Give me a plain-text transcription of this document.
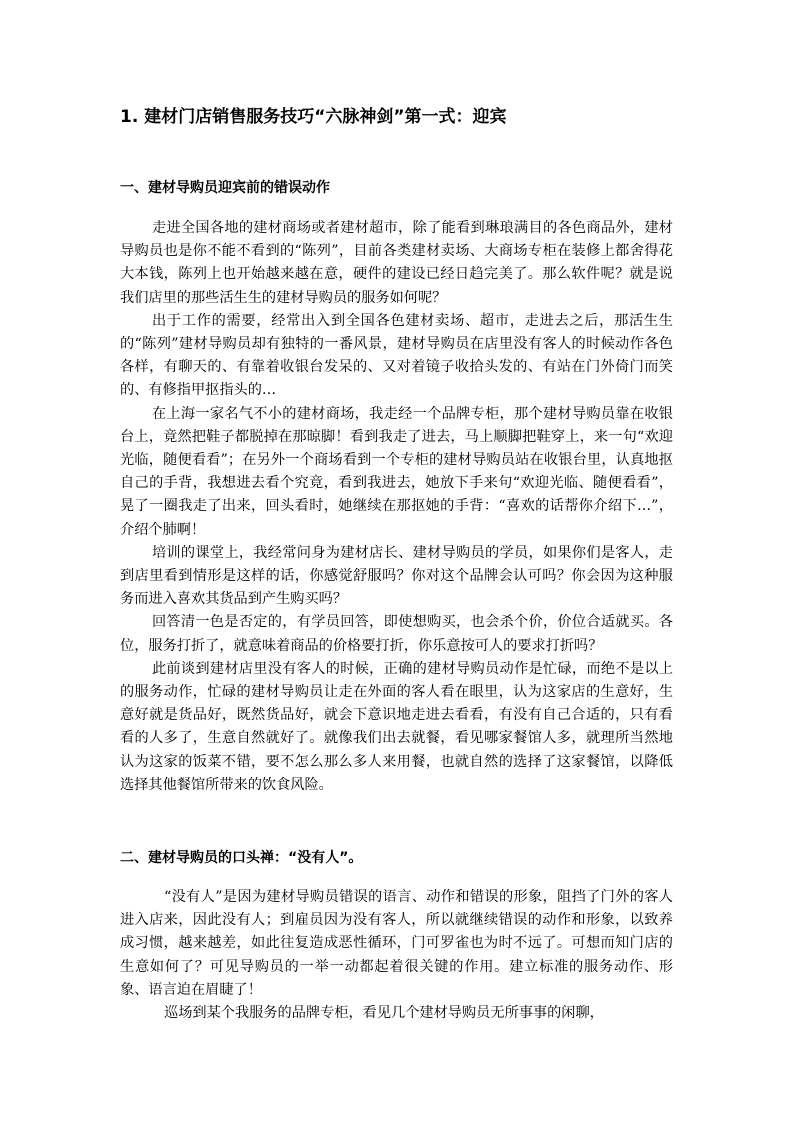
1. 建材门店销售服务技巧“六脉神剑”第一式：迎宾
一、建材导购员迎宾前的错误动作

走进全国各地的建材商场或者建材超市，除了能看到琳琅满目的各色商品外，建材导购员也是你不能不看到的“陈列”，目前各类建材卖场、大商场专柜在装修上都舍得花大本钱，陈列上也开始越来越在意，硬件的建设已经日趋完美了。那么软件呢？就是说我们店里的那些活生生的建材导购员的服务如何呢？

出于工作的需要，经常出入到全国各色建材卖场、超市，走进去之后，那活生生的“陈列”建材导购员却有独特的一番风景，建材导购员在店里没有客人的时候动作各色各样，有聊天的、有靠着收银台发呆的、又对着镜子收拾头发的、有站在门外倚门而笑的、有修指甲抠指头的…

在上海一家名气不小的建材商场，我走经一个品牌专柜，那个建材导购员靠在收银台上，竟然把鞋子都脱掉在那晾脚！看到我走了进去，马上顺脚把鞋穿上，来一句“欢迎光临，随便看看”；在另外一个商场看到一个专柜的建材导购员站在收银台里，认真地抠自己的手背，我想进去看个究竟，看到我进去，她放下手来句“欢迎光临、随便看看”，晃了一圈我走了出来，回头看时，她继续在那抠她的手背：“喜欢的话帮你介绍下…”，介绍个肺啊！

培训的课堂上，我经常问身为建材店长、建材导购员的学员，如果你们是客人，走到店里看到情形是这样的话，你感觉舒服吗？你对这个品牌会认可吗？你会因为这种服务而进入喜欢其货品到产生购买吗？

回答清一色是否定的，有学员回答，即使想购买，也会杀个价，价位合适就买。各位，服务打折了，就意味着商品的价格要打折，你乐意按可人的要求打折吗？

此前谈到建材店里没有客人的时候，正确的建材导购员动作是忙碌，而绝不是以上的服务动作，忙碌的建材导购员让走在外面的客人看在眼里，认为这家店的生意好，生意好就是货品好，既然货品好，就会下意识地走进去看看，有没有自己合适的，只有看看的人多了，生意自然就好了。就像我们出去就餐，看见哪家餐馆人多，就理所当然地认为这家的饭菜不错，要不怎么那么多人来用餐，也就自然的选择了这家餐馆，以降低选择其他餐馆所带来的饮食风险。

二、建材导购员的口头禅：“没有人”。

“没有人”是因为建材导购员错误的语言、动作和错误的形象，阻挡了门外的客人进入店来，因此没有人；到雇员因为没有客人，所以就继续错误的动作和形象，以致养成习惯，越来越差，如此往复造成恶性循环，门可罗雀也为时不远了。可想而知门店的生意如何了？可见导购员的一举一动都起着很关键的作用。建立标准的服务动作、形象、语言迫在眉睫了！

巡场到某个我服务的品牌专柜，看见几个建材导购员无所事事的闲聊，
